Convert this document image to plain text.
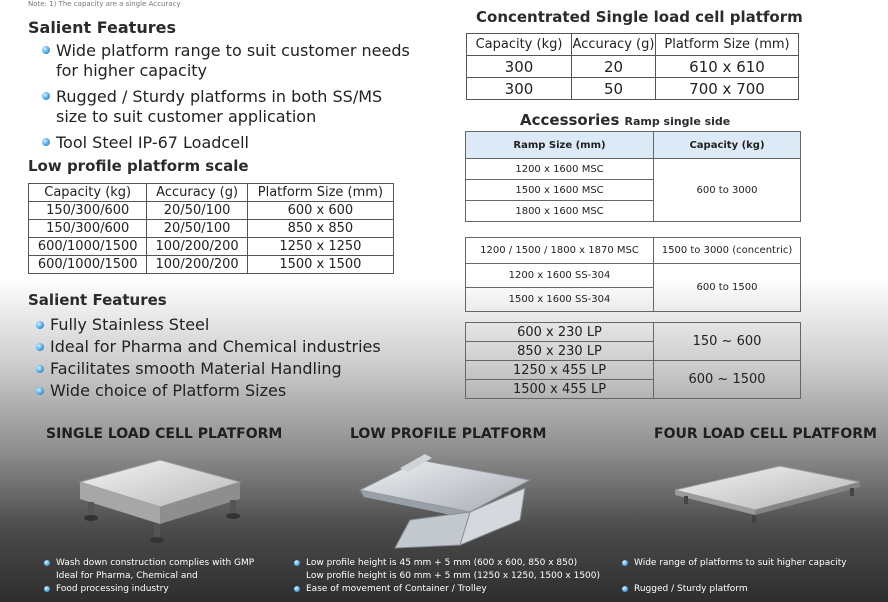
Note: 1) The capacity are a single Accuracy
Salient Features
Wide platform range to suit customer needs
for higher capacity
Rugged / Sturdy platforms in both SS/MS
size to suit customer application
Tool Steel IP-67 Loadcell
Low profile platform scale
Capacity (kg)	Accuracy (g)	Platform Size (mm)
150/300/600	20/50/100	600 x 600
150/300/600	20/50/100	850 x 850
600/1000/1500	100/200/200	1250 x 1250
600/1000/1500	100/200/200	1500 x 1500
Salient Features
Fully Stainless Steel
Ideal for Pharma and Chemical industries
Facilitates smooth Material Handling
Wide choice of Platform Sizes
Concentrated Single load cell platform
Capacity (kg)	Accuracy (g)	Platform Size (mm)
300	20	610 x 610
300	50	700 x 700
Accessories Ramp single side
Ramp Size (mm)	Capacity (kg)
1200 x 1600 MSC	600 to 3000
1500 x 1600 MSC	
1800 x 1600 MSC	
1200 / 1500 / 1800 x 1870 MSC	1500 to 3000 (concentric)
1200 x 1600 SS-304	600 to 1500
1500 x 1600 SS-304	
600 x 230 LP	150 ~ 600
850 x 230 LP	
1250 x 455 LP	600 ~ 1500
1500 x 455 LP	
SINGLE LOAD CELL PLATFORM	LOW PROFILE PLATFORM	FOUR LOAD CELL PLATFORM
Wash down construction complies with GMP
Ideal for Pharma, Chemical and
Food processing industry
Low profile height is 45 mm + 5 mm (600 x 600, 850 x 850)
Low profile height is 60 mm + 5 mm (1250 x 1250, 1500 x 1500)
Ease of movement of Container / Trolley
Wide range of platforms to suit higher capacity
Rugged / Sturdy platform
